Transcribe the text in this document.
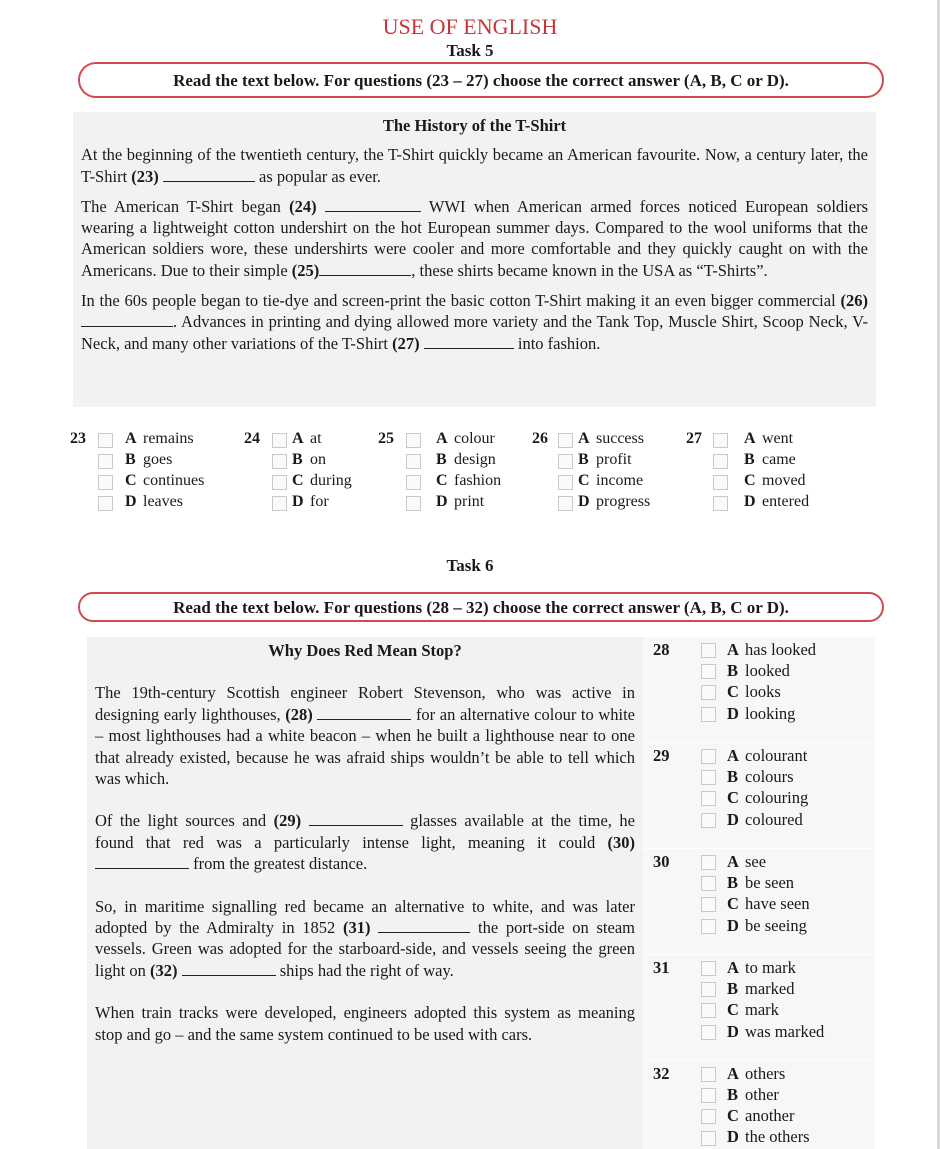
USE OF ENGLISH
Task 5
Read the text below. For questions (23 – 27) choose the correct answer (A, B, C or D).
The History of the T-Shirt

At the beginning of the twentieth century, the T-Shirt quickly became an American favourite. Now, a century later, the T-Shirt (23)	as popular as ever.

The American T-Shirt began (24)	WWI when American armed forces noticed European soldiers wearing a lightweight cotton undershirt on the hot European summer days. Compared to the wool uniforms that the American soldiers wore, these undershirts were cooler and more comfortable and they quickly caught on with the Americans. Due to their simple (25)	, these shirts became known in the USA as “T-Shirts”.

In the 60s people began to tie-dye and screen-print the basic cotton T-Shirt making it an even bigger commercial (26) . Advances in printing and dying allowed more variety and the Tank Top, Muscle Shirt, Scoop Neck, V-Neck, and many other variations of the T-Shirt (27)	into fashion.

23 A remains
B goes
C continues
D leaves
24 A at
B on
C during
D for
25	A colour
B design
C fashion
D print
26 A success
B profit
C income
D progress
27	A went
B came
C moved
D entered
Task 6
Read the text below. For questions (28 – 32) choose the correct answer (A, B, C or D).
Why Does Red Mean Stop?

The 19th-century Scottish engineer Robert Stevenson, who was active in designing early lighthouses, (28)	for an alternative colour to white – most lighthouses had a white beacon – when he built a lighthouse near to one that already existed, because he was afraid ships wouldn’t be able to tell which was which.

Of the light sources and (29)	glasses available at the time, he found that red was a particularly intense light, meaning it could (30) from the greatest distance.

So, in maritime signalling red became an alternative to white, and was later adopted by the Admiralty in 1852 (31)	the port-side on steam vessels. Green was adopted for the starboard-side, and vessels seeing the green light on (32)	ships had the right of way.

When train tracks were developed, engineers adopted this system as meaning stop and go – and the same system continued to be used with cars.

28	A has looked
B looked
C looks
D looking
29	A colourant
B colours
C colouring
D coloured
30	A see
B be seen
C have seen
D be seeing
31	A to mark
B marked
C mark
D was marked
32	A others
B other
C another
D the others
